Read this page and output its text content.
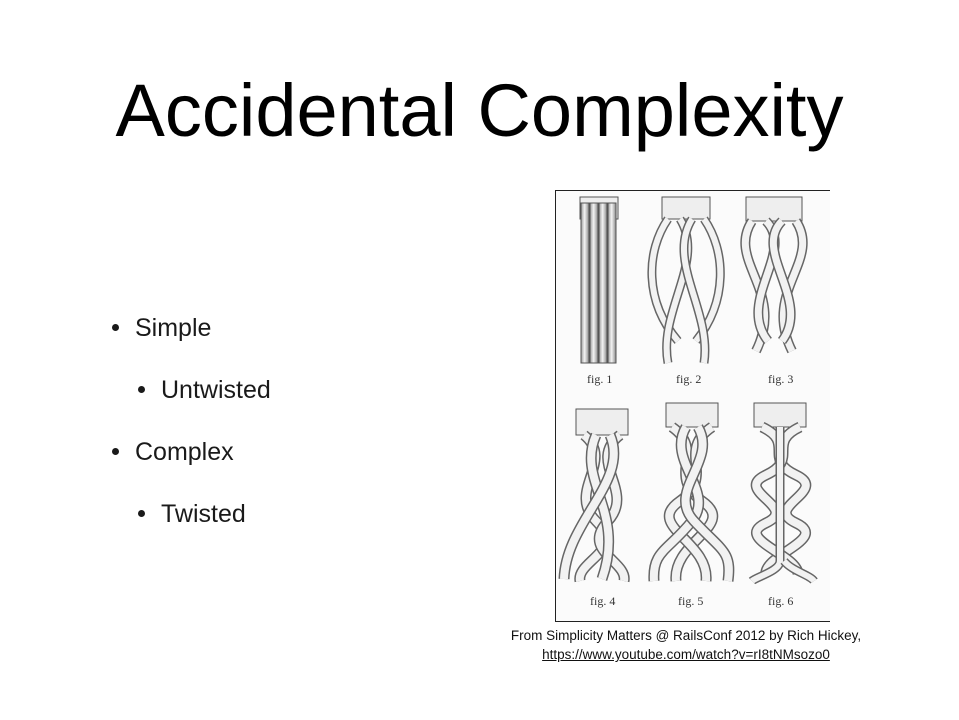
Accidental Complexity
Simple
Untwisted
Complex
Twisted
fig. 1	fig. 2	fig. 3
fig. 4	fig. 5	fig. 6
From Simplicity Matters @ RailsConf 2012 by Rich Hickey,
https://www.youtube.com/watch?v=rI8tNMsozo0
